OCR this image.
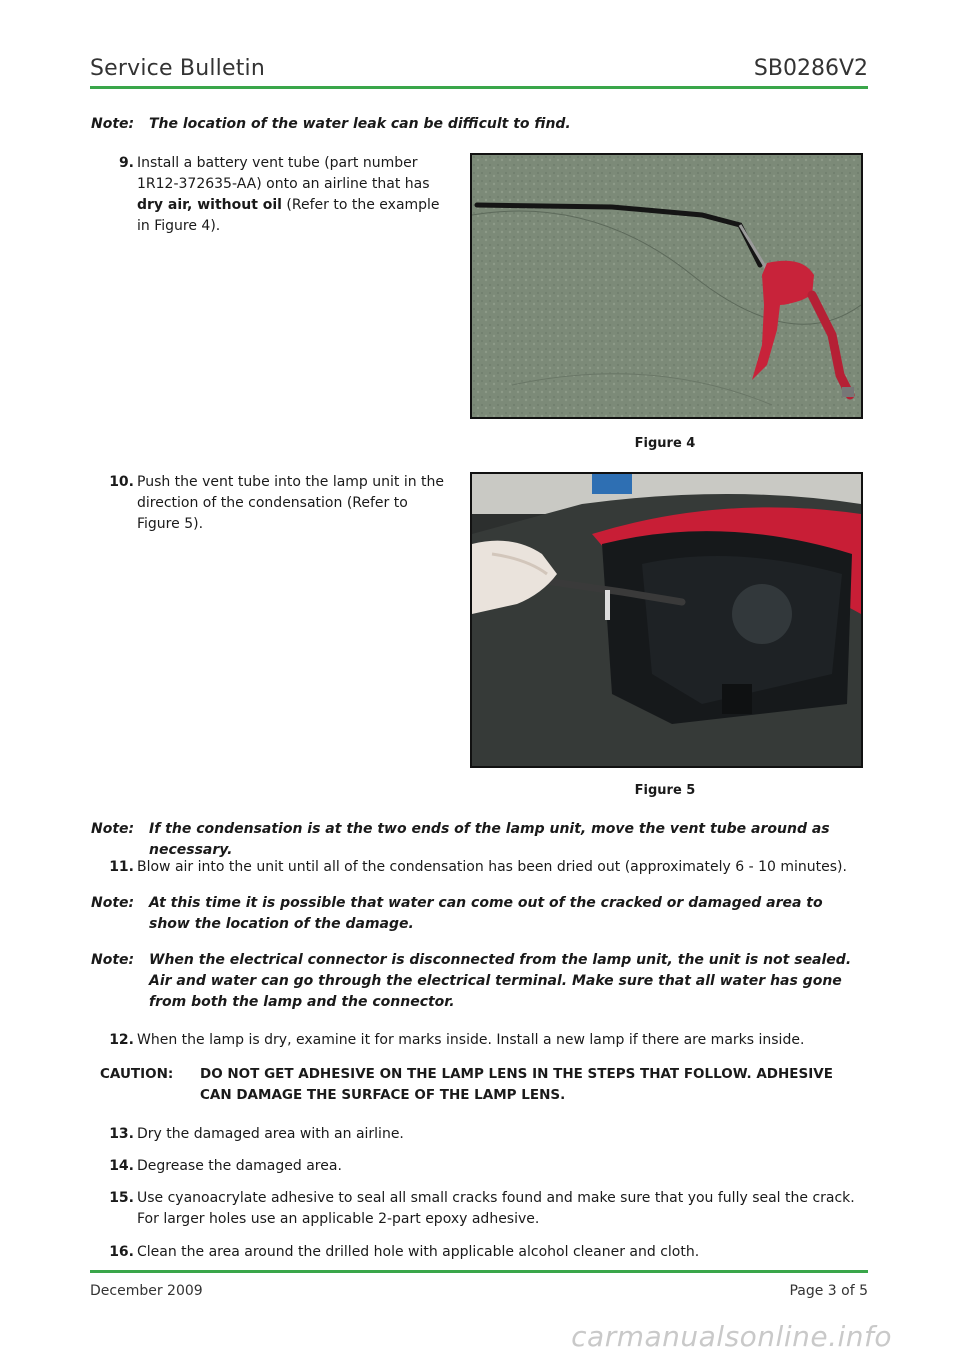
Service Bulletin	SB0286V2
Note: The location of the water leak can be difficult to find.
9. Install a battery vent tube (part number 1R12-372635-AA) onto an airline that has dry air, without oil (Refer to the example in Figure 4).
Figure 4
10. Push the vent tube into the lamp unit in the direction of the condensation (Refer to Figure 5).
Figure 5
Note: If the condensation is at the two ends of the lamp unit, move the vent tube around as necessary.
11. Blow air into the unit until all of the condensation has been dried out (approximately 6 - 10 minutes).
Note: At this time it is possible that water can come out of the cracked or damaged area to show the location of the damage.
Note: When the electrical connector is disconnected from the lamp unit, the unit is not sealed. Air and water can go through the electrical terminal. Make sure that all water has gone from both the lamp and the connector.
12. When the lamp is dry, examine it for marks inside. Install a new lamp if there are marks inside.
CAUTION: DO NOT GET ADHESIVE ON THE LAMP LENS IN THE STEPS THAT FOLLOW. ADHESIVE CAN DAMAGE THE SURFACE OF THE LAMP LENS.
13. Dry the damaged area with an airline.
14. Degrease the damaged area.
15. Use cyanoacrylate adhesive to seal all small cracks found and make sure that you fully seal the crack. For larger holes use an applicable 2-part epoxy adhesive.
16. Clean the area around the drilled hole with applicable alcohol cleaner and cloth.
December 2009	Page 3 of 5
carmanualsonline.info
